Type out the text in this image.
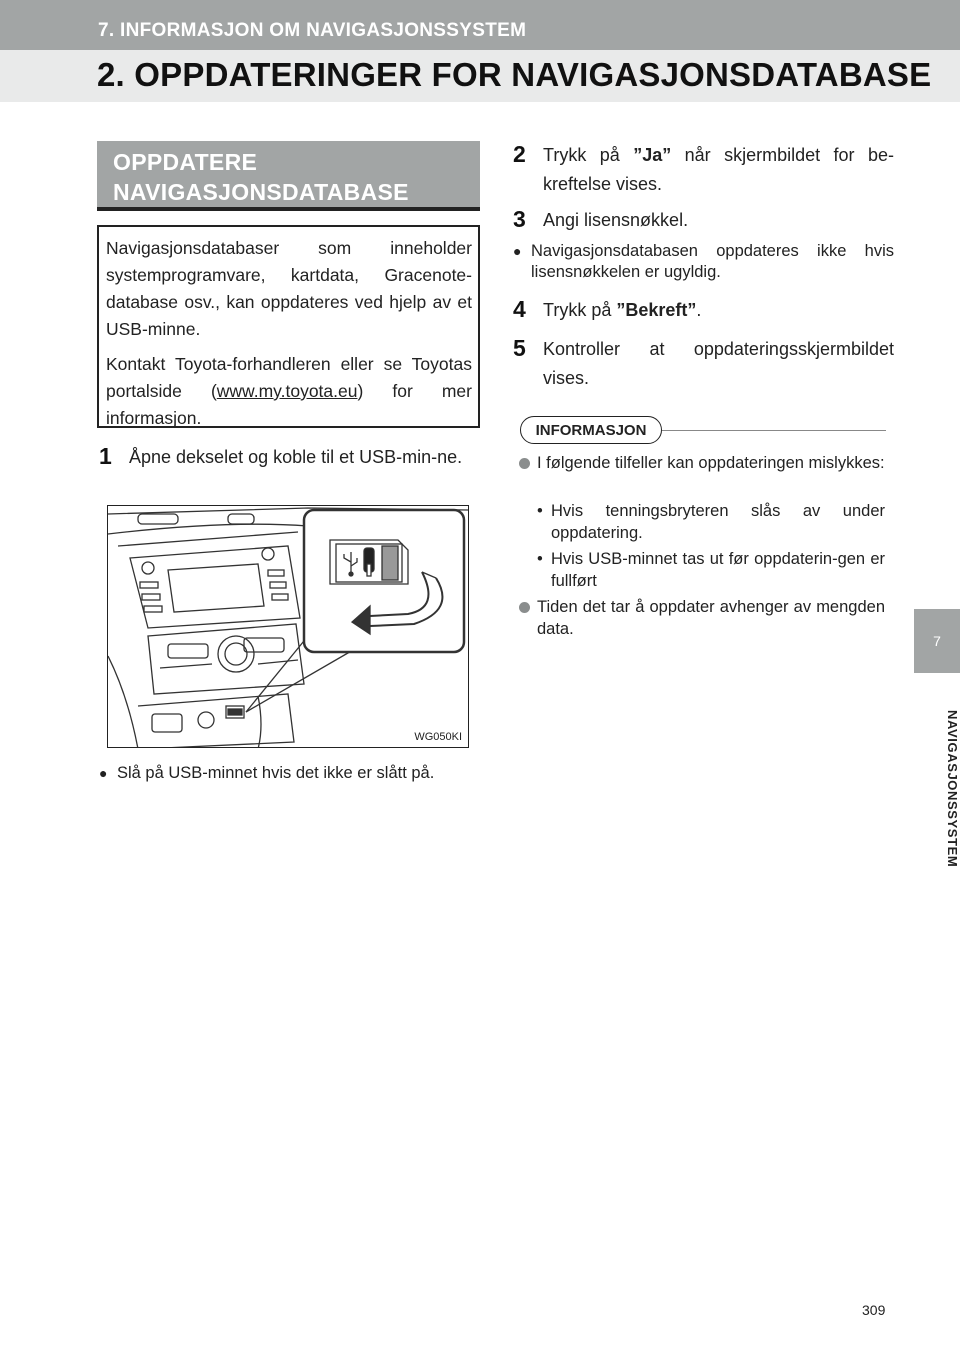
7. INFORMASJON OM NAVIGASJONSSYSTEM
2. OPPDATERINGER FOR NAVIGASJONSDATABASE
7
NAVIGASJONSSYSTEM
OPPDATERE
NAVIGASJONSDATABASE

Navigasjonsdatabaser som inneholder systemprogramvare, kartdata, Gracenote-database osv., kan oppdateres ved hjelp av et USB-minne.

Kontakt Toyota-forhandleren eller se Toyotas portalside (www.my.toyota.eu) for mer informasjon.

1 Åpne dekselet og koble til et USB-min-ne.
WG050KI
● Slå på USB-minnet hvis det ikke er slått på.
2 Trykk på ”Ja” når skjermbildet for be-kreftelse vises.
3 Angi lisensnøkkel.
● Navigasjonsdatabasen oppdateres ikke hvis lisensnøkkelen er ugyldig.
4 Trykk på ”Bekreft”.
5 Kontroller at oppdateringsskjermbildet vises.
INFORMASJON
I følgende tilfeller kan oppdateringen mislykkes:
• Hvis tenningsbryteren slås av under oppdatering.
• Hvis USB-minnet tas ut før oppdaterin-gen er fullført
Tiden det tar å oppdater avhenger av mengden data.
309
